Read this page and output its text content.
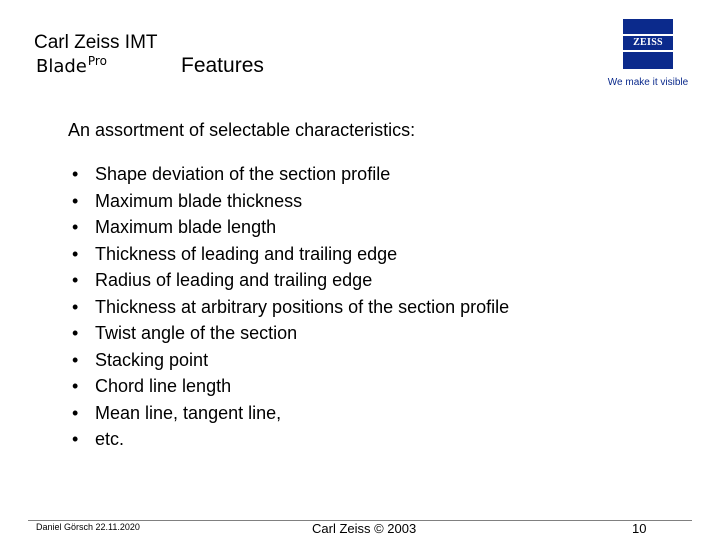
Carl Zeiss IMT
Blade$^{Pro}$	Features
ZEISS
We make it visible
An assortment of selectable characteristics:
• Shape deviation of the section profile
• Maximum blade thickness
• Maximum blade length
• Thickness of leading and trailing edge
• Radius of leading and trailing edge
• Thickness at arbitrary positions of the section profile
• Twist angle of the section
• Stacking point
• Chord line length
• Mean line, tangent line,
• etc.
Daniel Görsch 22.11.2020	Carl Zeiss © 2003	10
